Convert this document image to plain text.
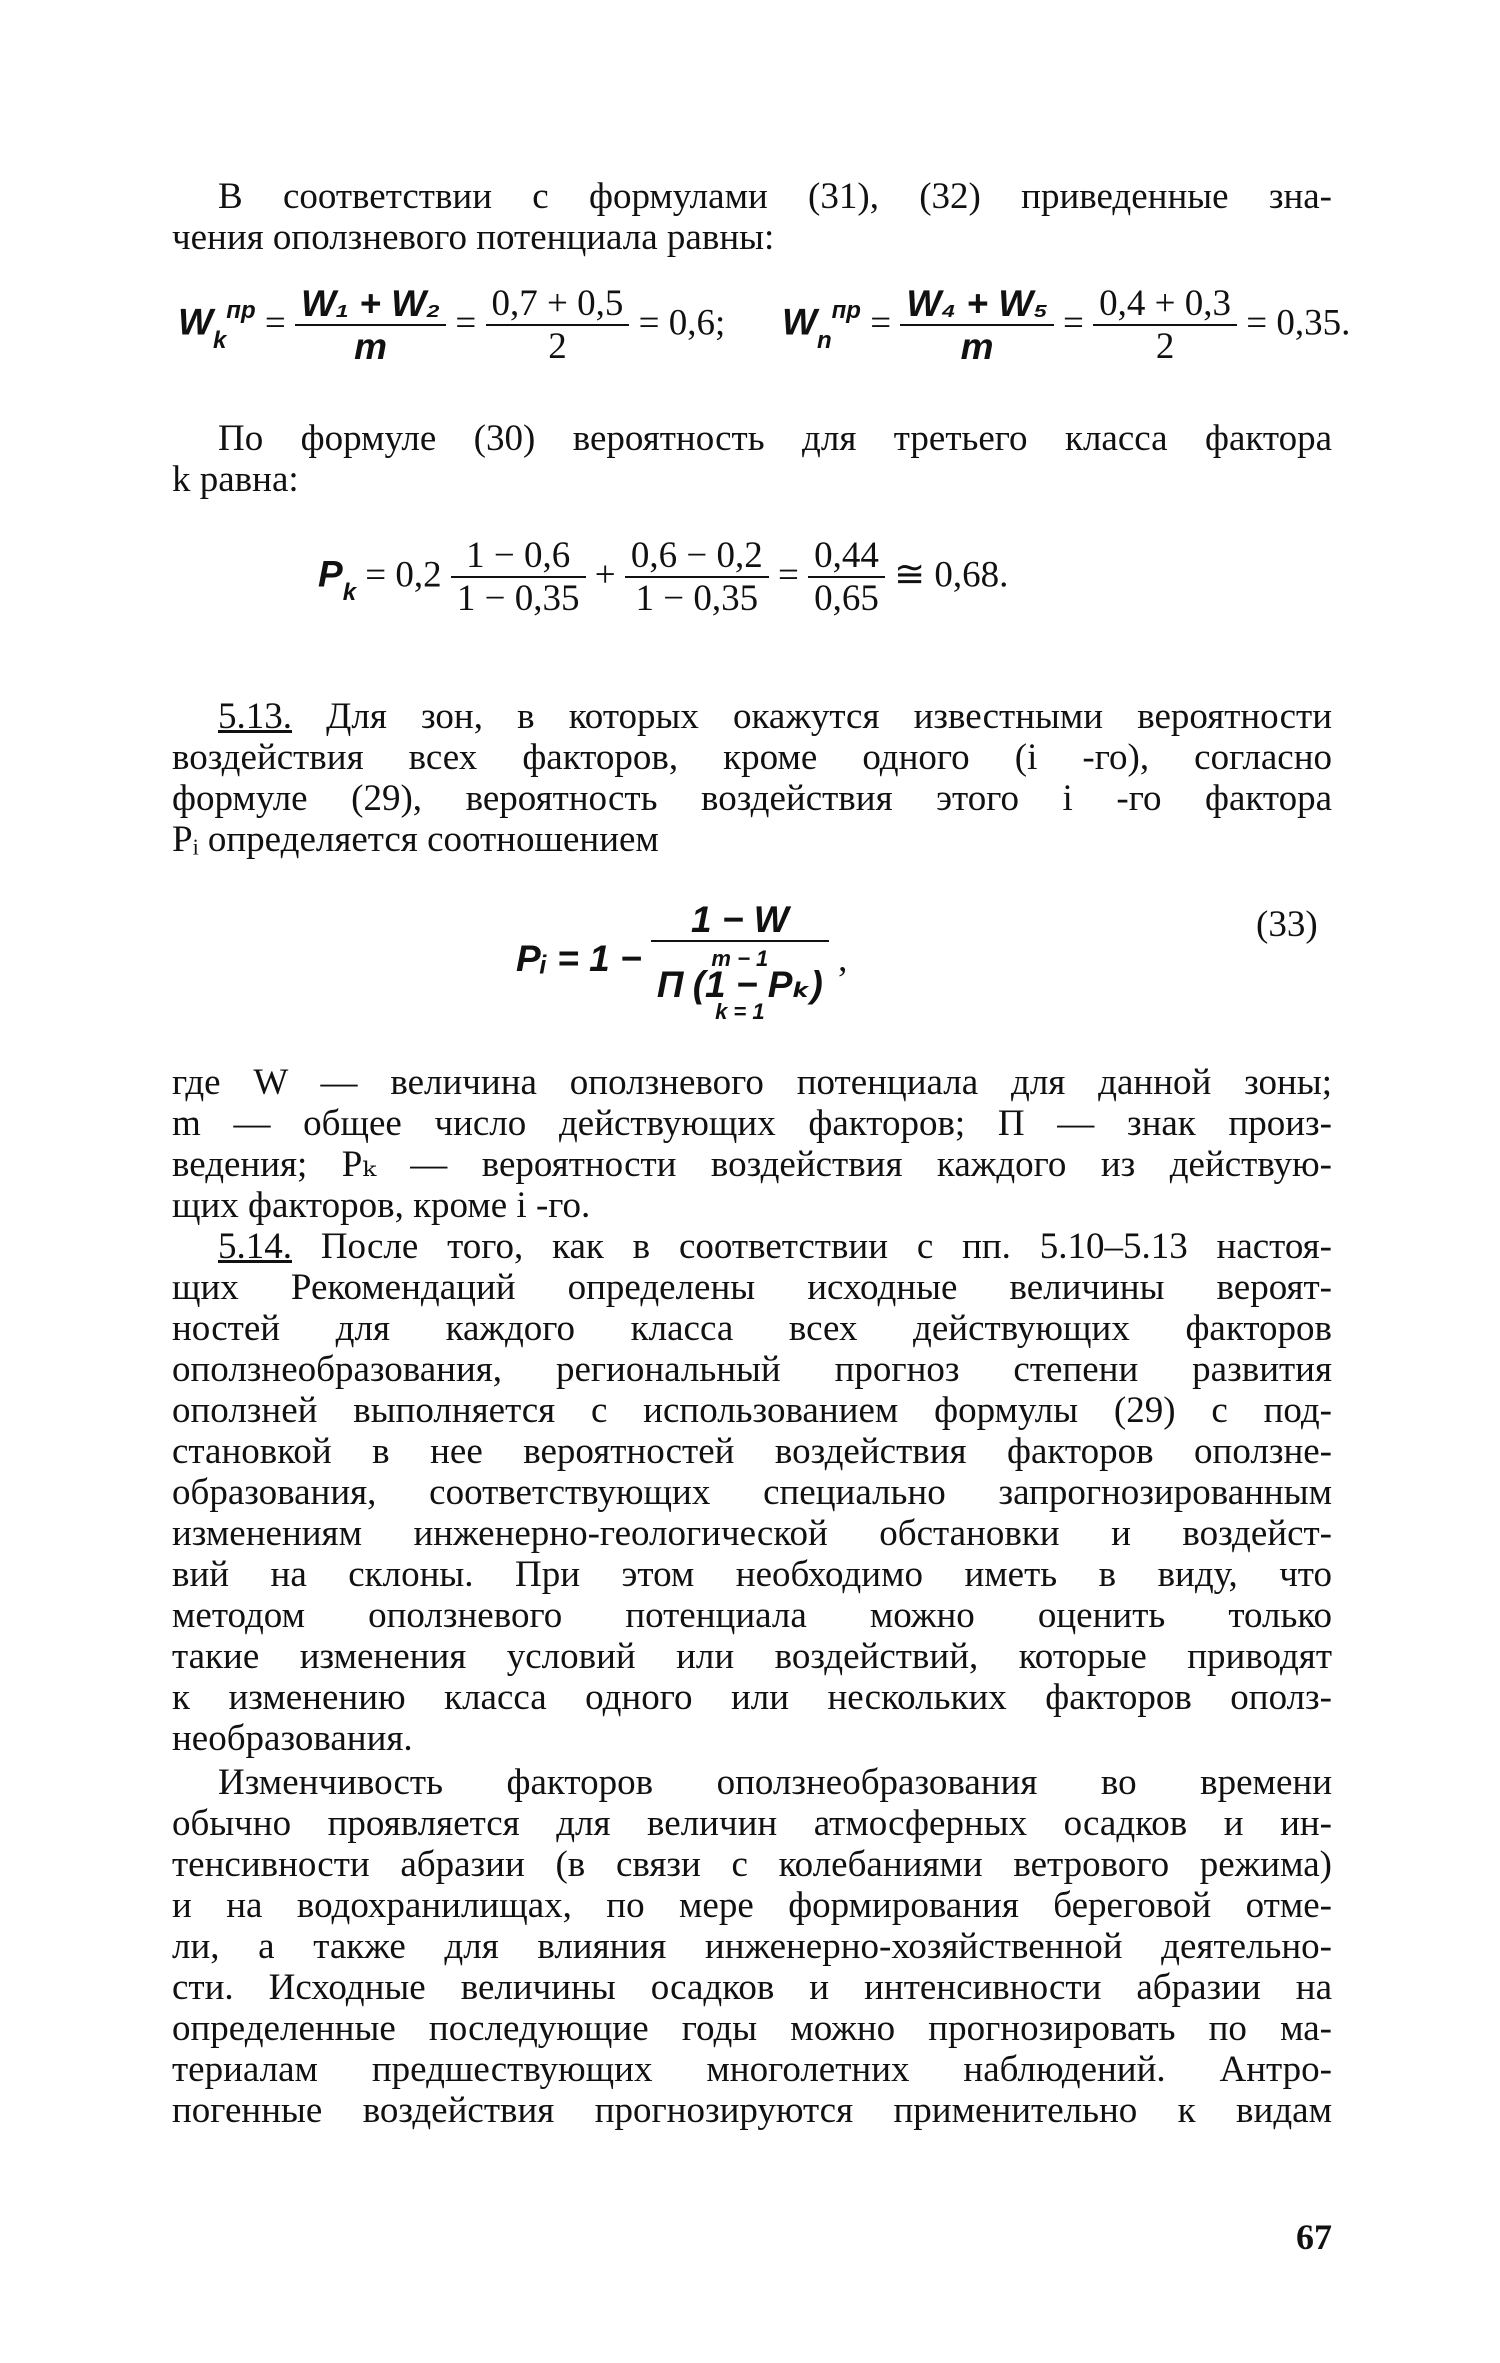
В соответствии с формулами (31), (32) приведенные зна-
чения оползневого потенциала равны:
$W_k^{пр} = \frac{\text{W₁ + W₂}}{m} = \frac{0,7 + 0,5}{2} = 0,6$; $W_n^{пр} = \frac{\text{W₄ + W₅}}{m} = \frac{0,4 + 0,3}{2} = 0,35$.
По формуле (30) вероятность для третьего класса фактора
k равна:
$P_k = 0,2 \frac{1 - 0,6}{1 - 0,35} + \frac{0,6 - 0,2}{1 - 0,35} = \frac{0,44}{0,65}$ ≅ 0,68.
5.13. Для зон, в которых окажутся известными вероятности
воздействия всех факторов, кроме одного (i -го), согласно
формуле (29), вероятность воздействия этого i -го фактора
Pᵢ определяется соотношением
Pᵢ = 1 − 1 − W
m − 1
Π (1 − Pₖ)
k = 1 ,
(33)
где W — величина оползневого потенциала для данной зоны;
m — общее число действующих факторов; П — знак произ-
ведения; Pₖ — вероятности воздействия каждого из действую-
щих факторов, кроме i -го.
5.14. После того, как в соответствии с пп. 5.10–5.13 настоя-
щих Рекомендаций определены исходные величины вероят-
ностей для каждого класса всех действующих факторов
оползнеобразования, региональный прогноз степени развития
оползней выполняется с использованием формулы (29) с под-
становкой в нее вероятностей воздействия факторов оползне-
образования, соответствующих специально запрогнозированным
изменениям инженерно-геологической обстановки и воздейст-
вий на склоны. При этом необходимо иметь в виду, что
методом оползневого потенциала можно оценить только
такие изменения условий или воздействий, которые приводят
к изменению класса одного или нескольких факторов ополз-
необразования.
Изменчивость факторов оползнеобразования во времени
обычно проявляется для величин атмосферных осадков и ин-
тенсивности абразии (в связи с колебаниями ветрового режима)
и на водохранилищах, по мере формирования береговой отме-
ли, а также для влияния инженерно-хозяйственной деятельно-
сти. Исходные величины осадков и интенсивности абразии на
определенные последующие годы можно прогнозировать по ма-
териалам предшествующих многолетних наблюдений. Антро-
погенные воздействия прогнозируются применительно к видам
67
